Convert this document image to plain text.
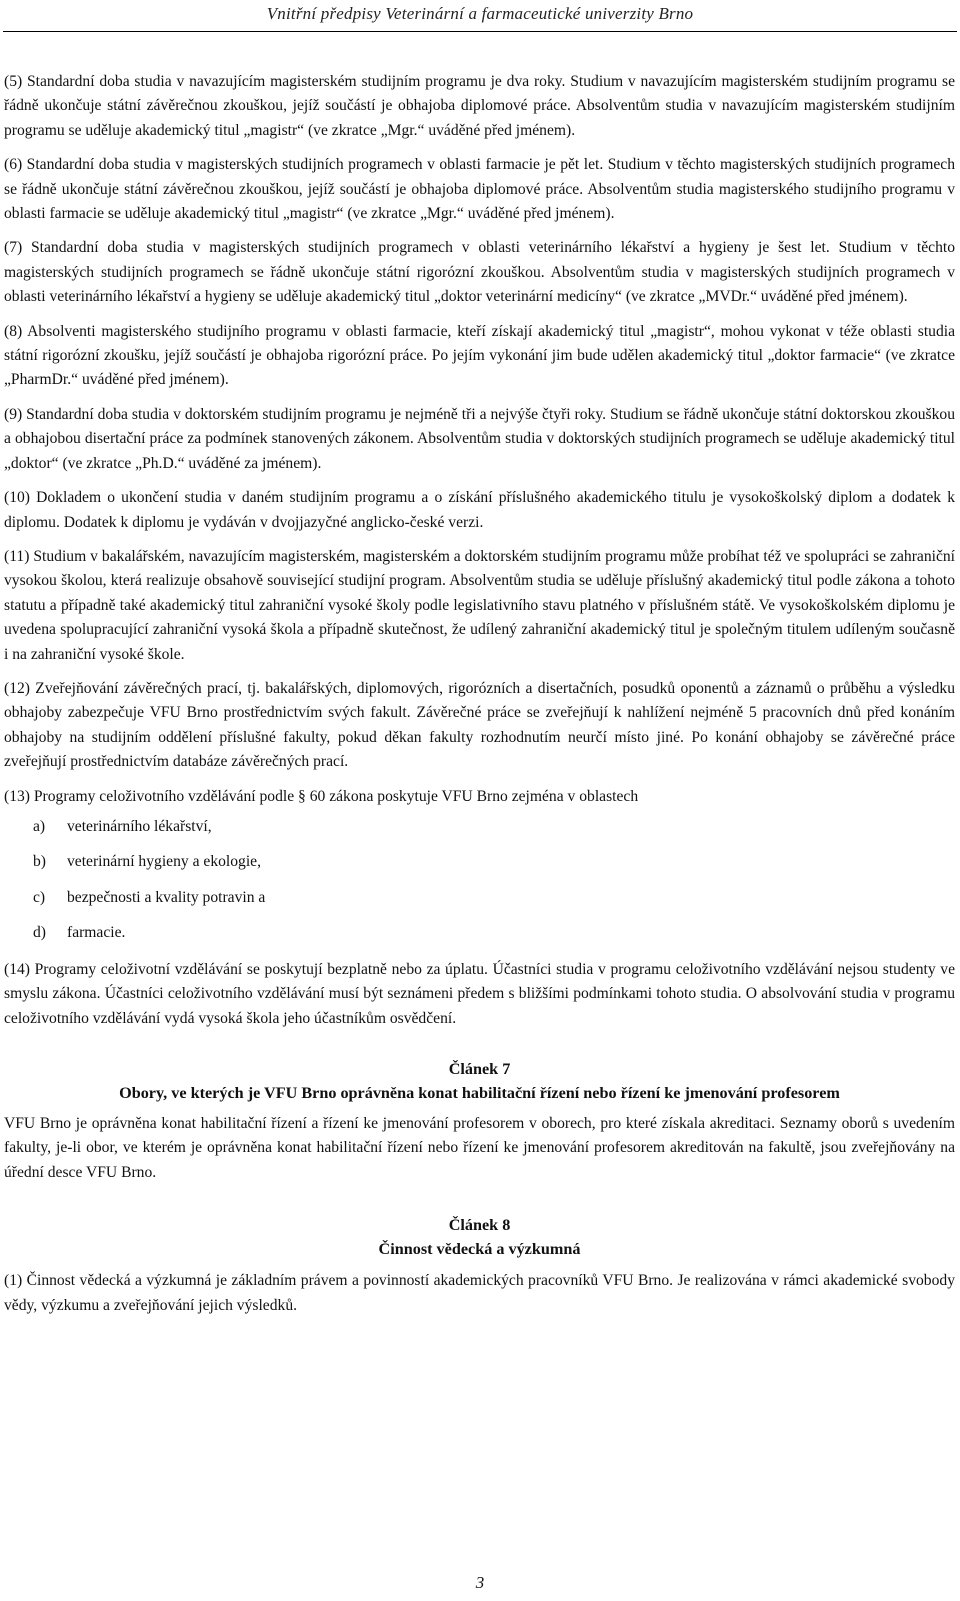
Vnitřní předpisy Veterinární a farmaceutické univerzity Brno

(5) Standardní doba studia v navazujícím magisterském studijním programu je dva roky. Studium v navazujícím magisterském studijním programu se řádně ukončuje státní závěrečnou zkouškou, jejíž součástí je obhajoba diplomové práce. Absolventům studia v navazujícím magisterském studijním programu se uděluje akademický titul „magistr“ (ve zkratce „Mgr.“ uváděné před jménem).

(6) Standardní doba studia v magisterských studijních programech v oblasti farmacie je pět let. Studium v těchto magisterských studijních programech se řádně ukončuje státní závěrečnou zkouškou, jejíž součástí je obhajoba diplomové práce. Absolventům studia magisterského studijního programu v oblasti farmacie se uděluje akademický titul „magistr“ (ve zkratce „Mgr.“ uváděné před jménem).

(7) Standardní doba studia v magisterských studijních programech v oblasti veterinárního lékařství a hygieny je šest let. Studium v těchto magisterských studijních programech se řádně ukončuje státní rigorózní zkouškou. Absolventům studia v magisterských studijních programech v oblasti veterinárního lékařství a hygieny se uděluje akademický titul „doktor veterinární medicíny“ (ve zkratce „MVDr.“ uváděné před jménem).

(8) Absolventi magisterského studijního programu v oblasti farmacie, kteří získají akademický titul „magistr“, mohou vykonat v téže oblasti studia státní rigorózní zkoušku, jejíž součástí je obhajoba rigorózní práce. Po jejím vykonání jim bude udělen akademický titul „doktor farmacie“ (ve zkratce „PharmDr.“ uváděné před jménem).

(9) Standardní doba studia v doktorském studijním programu je nejméně tři a nejvýše čtyři roky. Studium se řádně ukončuje státní doktorskou zkouškou a obhajobou disertační práce za podmínek stanovených zákonem. Absolventům studia v doktorských studijních programech se uděluje akademický titul „doktor“ (ve zkratce „Ph.D.“ uváděné za jménem).

(10) Dokladem o ukončení studia v daném studijním programu a o získání příslušného akademického titulu je vysokoškolský diplom a dodatek k diplomu. Dodatek k diplomu je vydáván v dvojjazyčné anglicko-české verzi.

(11) Studium v bakalářském, navazujícím magisterském, magisterském a doktorském studijním programu může probíhat též ve spolupráci se zahraniční vysokou školou, která realizuje obsahově související studijní program. Absolventům studia se uděluje příslušný akademický titul podle zákona a tohoto statutu a případně také akademický titul zahraniční vysoké školy podle legislativního stavu platného v příslušném státě. Ve vysokoškolském diplomu je uvedena spolupracující zahraniční vysoká škola a případně skutečnost, že udílený zahraniční akademický titul je společným titulem udíleným současně i na zahraniční vysoké škole.

(12) Zveřejňování závěrečných prací, tj. bakalářských, diplomových, rigorózních a disertačních, posudků oponentů a záznamů o průběhu a výsledku obhajoby zabezpečuje VFU Brno prostřednictvím svých fakult. Závěrečné práce se zveřejňují k nahlížení nejméně 5 pracovních dnů před konáním obhajoby na studijním oddělení příslušné fakulty, pokud děkan fakulty rozhodnutím neurčí místo jiné. Po konání obhajoby se závěrečné práce zveřejňují prostřednictvím databáze závěrečných prací.

(13) Programy celoživotního vzdělávání podle § 60 zákona poskytuje VFU Brno zejména v oblastech

a)	veterinárního lékařství,
b)	veterinární hygieny a ekologie,
c)	bezpečnosti a kvality potravin a
d)	farmacie.

(14) Programy celoživotní vzdělávání se poskytují bezplatně nebo za úplatu. Účastníci studia v programu celoživotního vzdělávání nejsou studenty ve smyslu zákona. Účastníci celoživotního vzdělávání musí být seznámeni předem s bližšími podmínkami tohoto studia. O absolvování studia v programu celoživotního vzdělávání vydá vysoká škola jeho účastníkům osvědčení.

Článek 7
Obory, ve kterých je VFU Brno oprávněna konat habilitační řízení nebo řízení ke jmenování profesorem

VFU Brno je oprávněna konat habilitační řízení a řízení ke jmenování profesorem v oborech, pro které získala akreditaci. Seznamy oborů s uvedením fakulty, je-li obor, ve kterém je oprávněna konat habilitační řízení nebo řízení ke jmenování profesorem akreditován na fakultě, jsou zveřejňovány na úřední desce VFU Brno.

Článek 8
Činnost vědecká a výzkumná

(1) Činnost vědecká a výzkumná je základním právem a povinností akademických pracovníků VFU Brno. Je realizována v rámci akademické svobody vědy, výzkumu a zveřejňování jejich výsledků.

3
